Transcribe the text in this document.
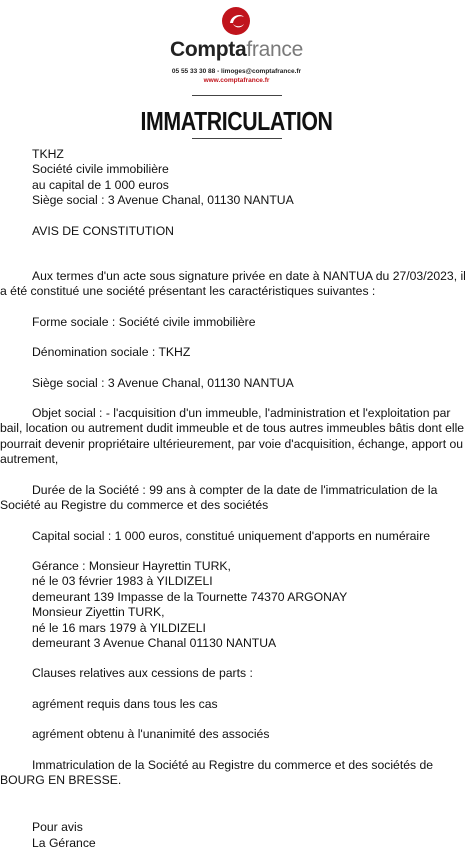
Comptafrance
05 55 33 30 88 - limoges@comptafrance.fr
www.comptafrance.fr
IMMATRICULATION

TKHZ

Société civile immobilière

au capital de 1 000 euros

Siège social : 3 Avenue Chanal, 01130 NANTUA

AVIS DE CONSTITUTION

Aux termes d'un acte sous signature privée en date à NANTUA du 27/03/2023, il a été constitué une société présentant les caractéristiques suivantes :

Forme sociale : Société civile immobilière

Dénomination sociale : TKHZ

Siège social : 3 Avenue Chanal, 01130 NANTUA

Objet social : - l'acquisition d'un immeuble, l'administration et l'exploitation par bail, location ou autrement dudit immeuble et de tous autres immeubles bâtis dont elle pourrait devenir propriétaire ultérieurement, par voie d'acquisition, échange, apport ou autrement,

Durée de la Société : 99 ans à compter de la date de l'immatriculation de la Société au Registre du commerce et des sociétés

Capital social : 1 000 euros, constitué uniquement d'apports en numéraire

Gérance : Monsieur Hayrettin TURK,

né le 03 février 1983 à YILDIZELI

demeurant 139 Impasse de la Tournette 74370 ARGONAY

Monsieur Ziyettin TURK,

né le 16 mars 1979 à YILDIZELI

demeurant 3 Avenue Chanal 01130 NANTUA

Clauses relatives aux cessions de parts :

agrément requis dans tous les cas

agrément obtenu à l'unanimité des associés

Immatriculation de la Société au Registre du commerce et des sociétés de BOURG EN BRESSE.

Pour avis

La Gérance
